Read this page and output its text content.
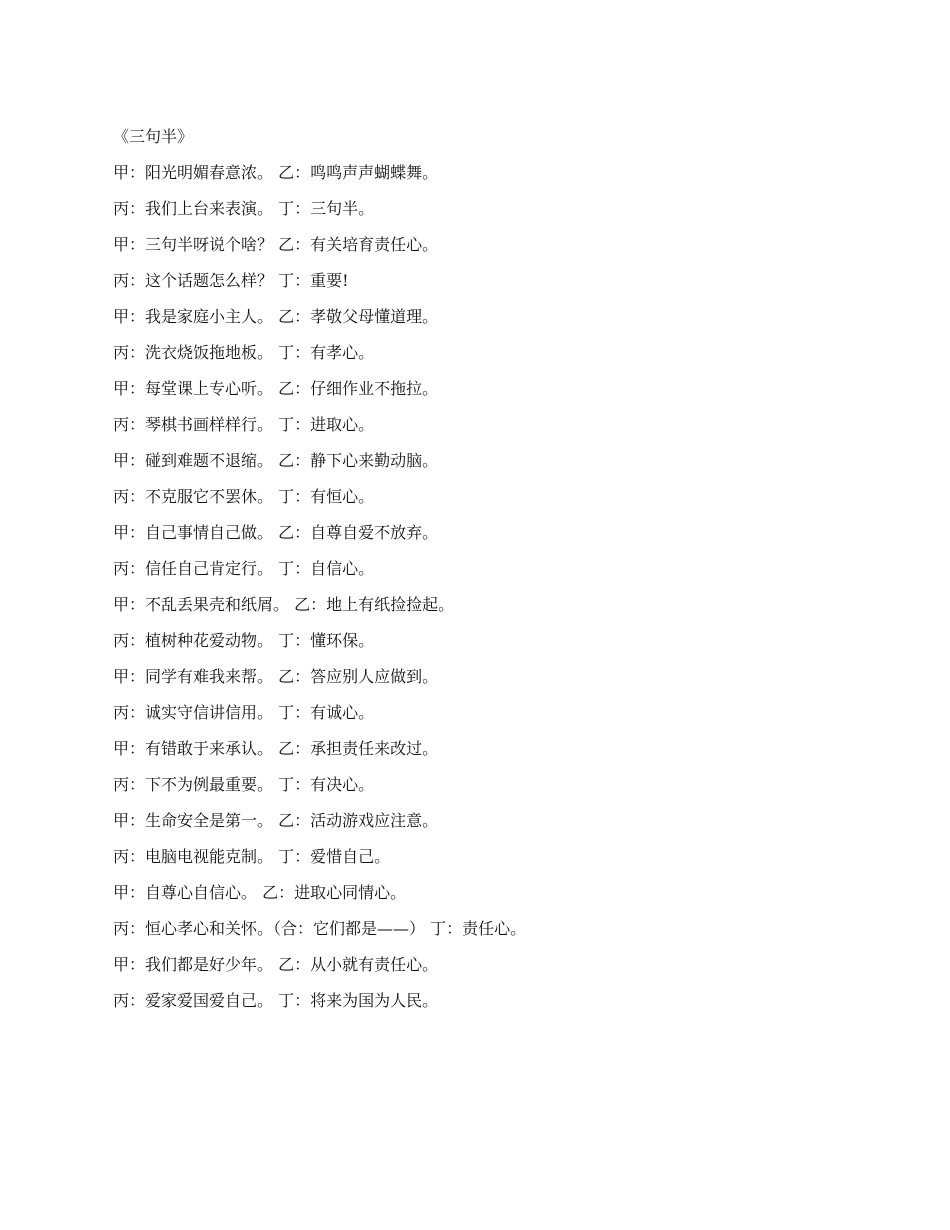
《三句半》
甲：阳光明媚春意浓。 乙：鸣鸣声声蝴蝶舞。
丙：我们上台来表演。 丁：三句半。
甲：三句半呀说个啥？ 乙：有关培育责任心。
丙：这个话题怎么样？ 丁：重要!
甲：我是家庭小主人。 乙：孝敬父母懂道理。
丙：洗衣烧饭拖地板。 丁：有孝心。
甲：每堂课上专心听。 乙：仔细作业不拖拉。
丙：琴棋书画样样行。 丁：进取心。
甲：碰到难题不退缩。 乙：静下心来勤动脑。
丙：不克服它不罢休。 丁：有恒心。
甲：自己事情自己做。 乙：自尊自爱不放弃。
丙：信任自己肯定行。 丁：自信心。
甲：不乱丢果壳和纸屑。 乙：地上有纸捡捡起。
丙：植树种花爱动物。 丁：懂环保。
甲：同学有难我来帮。 乙：答应别人应做到。
丙：诚实守信讲信用。 丁：有诚心。
甲：有错敢于来承认。 乙：承担责任来改过。
丙：下不为例最重要。 丁：有决心。
甲：生命安全是第一。 乙：活动游戏应注意。
丙：电脑电视能克制。 丁：爱惜自己。
甲：自尊心自信心。 乙：进取心同情心。
丙：恒心孝心和关怀。（合：它们都是——） 丁：责任心。
甲：我们都是好少年。 乙：从小就有责任心。
丙：爱家爱国爱自己。 丁：将来为国为人民。
